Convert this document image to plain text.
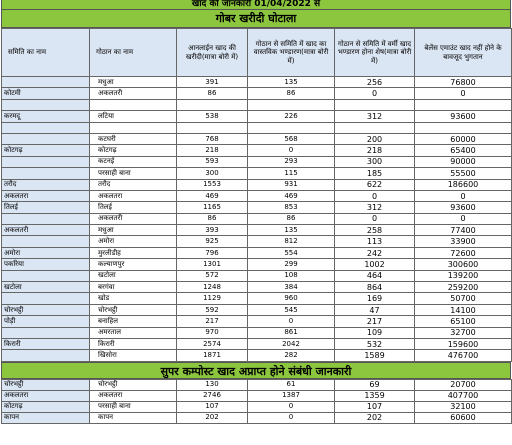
खाद की जानकारी 01/04/2022 से
गोबर खरीदी घोटाला
समिति का नाम	गोठान का नाम	आनलाईन खाद की खरीदी(मात्रा बोरी में)	गोठान से समिति में खाद का वास्तविक भण्डारण(मात्रा बोरी में)	गोठान से समिति में वर्मी खाद भण्डारण होना शेष(मात्रा बोरी में)	बेलेंस एमाउंट खाद नहीं होने के बावजूद भुगतान
	मधुआ	391	135	256	76800
कोटमी	अकलतरी	86	86	0	0

करमदू	लटिया	538	226	312	93600

	कटघरी	768	568	200	60000
कोटगढ़	कोटगढ़	218	0	218	65400
	कटनई	593	293	300	90000
	परसाही बाना	300	115	185	55500
तरौद	तरौद	1553	931	622	186600
अकलतरा	अकलतरा	469	469	0	0
तिलई	तिलई	1165	853	312	93600
	अकलतरी	86	86	0	0
अकलतरी	मधुआ	393	135	258	77400
	अमोरा	925	812	113	33900
अमोरा	मुरलीडीह	796	554	242	72600
पकरिया	कल्याणपुर	1301	299	1002	300600
	खटोला	572	108	464	139200
खटोला	बरगंवा	1248	384	864	259200
	खोड	1129	960	169	50700
चोरभट्ठी	चोरभट्ठी	592	545	47	14100
पोड़ी	बनाहिल	217	0	217	65100
	अमरताल	970	861	109	32700
किरारी	किरारी	2574	2042	532	159600
	खिसोरा	1871	282	1589	476700
सुपर कम्पोस्ट खाद अप्राप्त होने संबंधी जानकारी
चोरभट्ठी	चोरभट्ठी	130	61	69	20700
अकलतरा	अकलतरा	2746	1387	1359	407700
कोटगढ़	परसाही बाना	107	0	107	32100
कापन	कापन	202	0	202	60600
